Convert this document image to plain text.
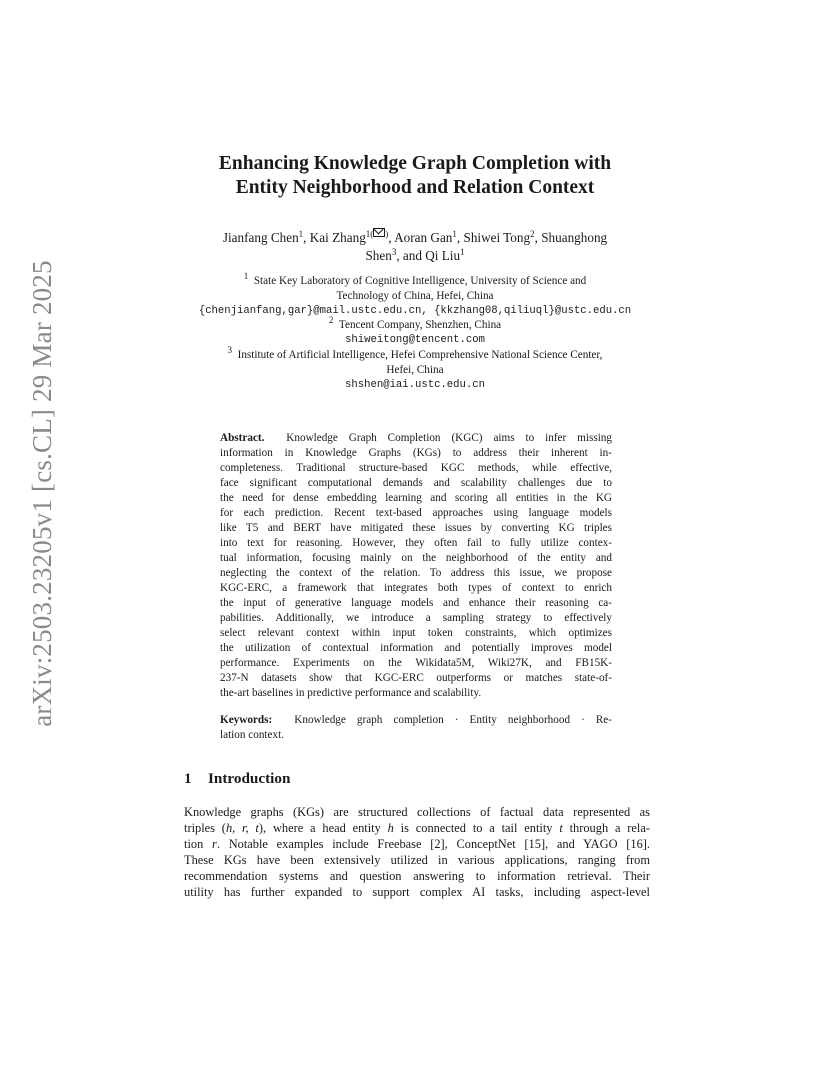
arXiv:2503.23205v1 [cs.CL] 29 Mar 2025
Enhancing Knowledge Graph Completion with
Entity Neighborhood and Relation Context
Jianfang Chen$^1$, Kai Zhang$^{1( )}$, Aoran Gan$^1$, Shiwei Tong$^2$, Shuanghong
Shen$^3$, and Qi Liu$^1$
$^1$ State Key Laboratory of Cognitive Intelligence, University of Science and
Technology of China, Hefei, China
{chenjianfang,gar}@mail.ustc.edu.cn, {kkzhang08,qiliuql}@ustc.edu.cn
$^2$ Tencent Company, Shenzhen, China
shiweitong@tencent.com
$^3$ Institute of Artificial Intelligence, Hefei Comprehensive National Science Center,
Hefei, China
shshen@iai.ustc.edu.cn
Abstract. Knowledge Graph Completion (KGC) aims to infer missing
information in Knowledge Graphs (KGs) to address their inherent in-
completeness. Traditional structure-based KGC methods, while effective,
face significant computational demands and scalability challenges due to
the need for dense embedding learning and scoring all entities in the KG
for each prediction. Recent text-based approaches using language models
like T5 and BERT have mitigated these issues by converting KG triples
into text for reasoning. However, they often fail to fully utilize contex-
tual information, focusing mainly on the neighborhood of the entity and
neglecting the context of the relation. To address this issue, we propose
KGC-ERC, a framework that integrates both types of context to enrich
the input of generative language models and enhance their reasoning ca-
pabilities. Additionally, we introduce a sampling strategy to effectively
select relevant context within input token constraints, which optimizes
the utilization of contextual information and potentially improves model
performance. Experiments on the Wikidata5M, Wiki27K, and FB15K-
237-N datasets show that KGC-ERC outperforms or matches state-of-
the-art baselines in predictive performance and scalability.
Keywords: Knowledge graph completion · Entity neighborhood · Re-
lation context.
1 Introduction
Knowledge graphs (KGs) are structured collections of factual data represented as
triples (h, r, t), where a head entity h is connected to a tail entity t through a rela-
tion r. Notable examples include Freebase [2], ConceptNet [15], and YAGO [16].
These KGs have been extensively utilized in various applications, ranging from
recommendation systems and question answering to information retrieval. Their
utility has further expanded to support complex AI tasks, including aspect-level
